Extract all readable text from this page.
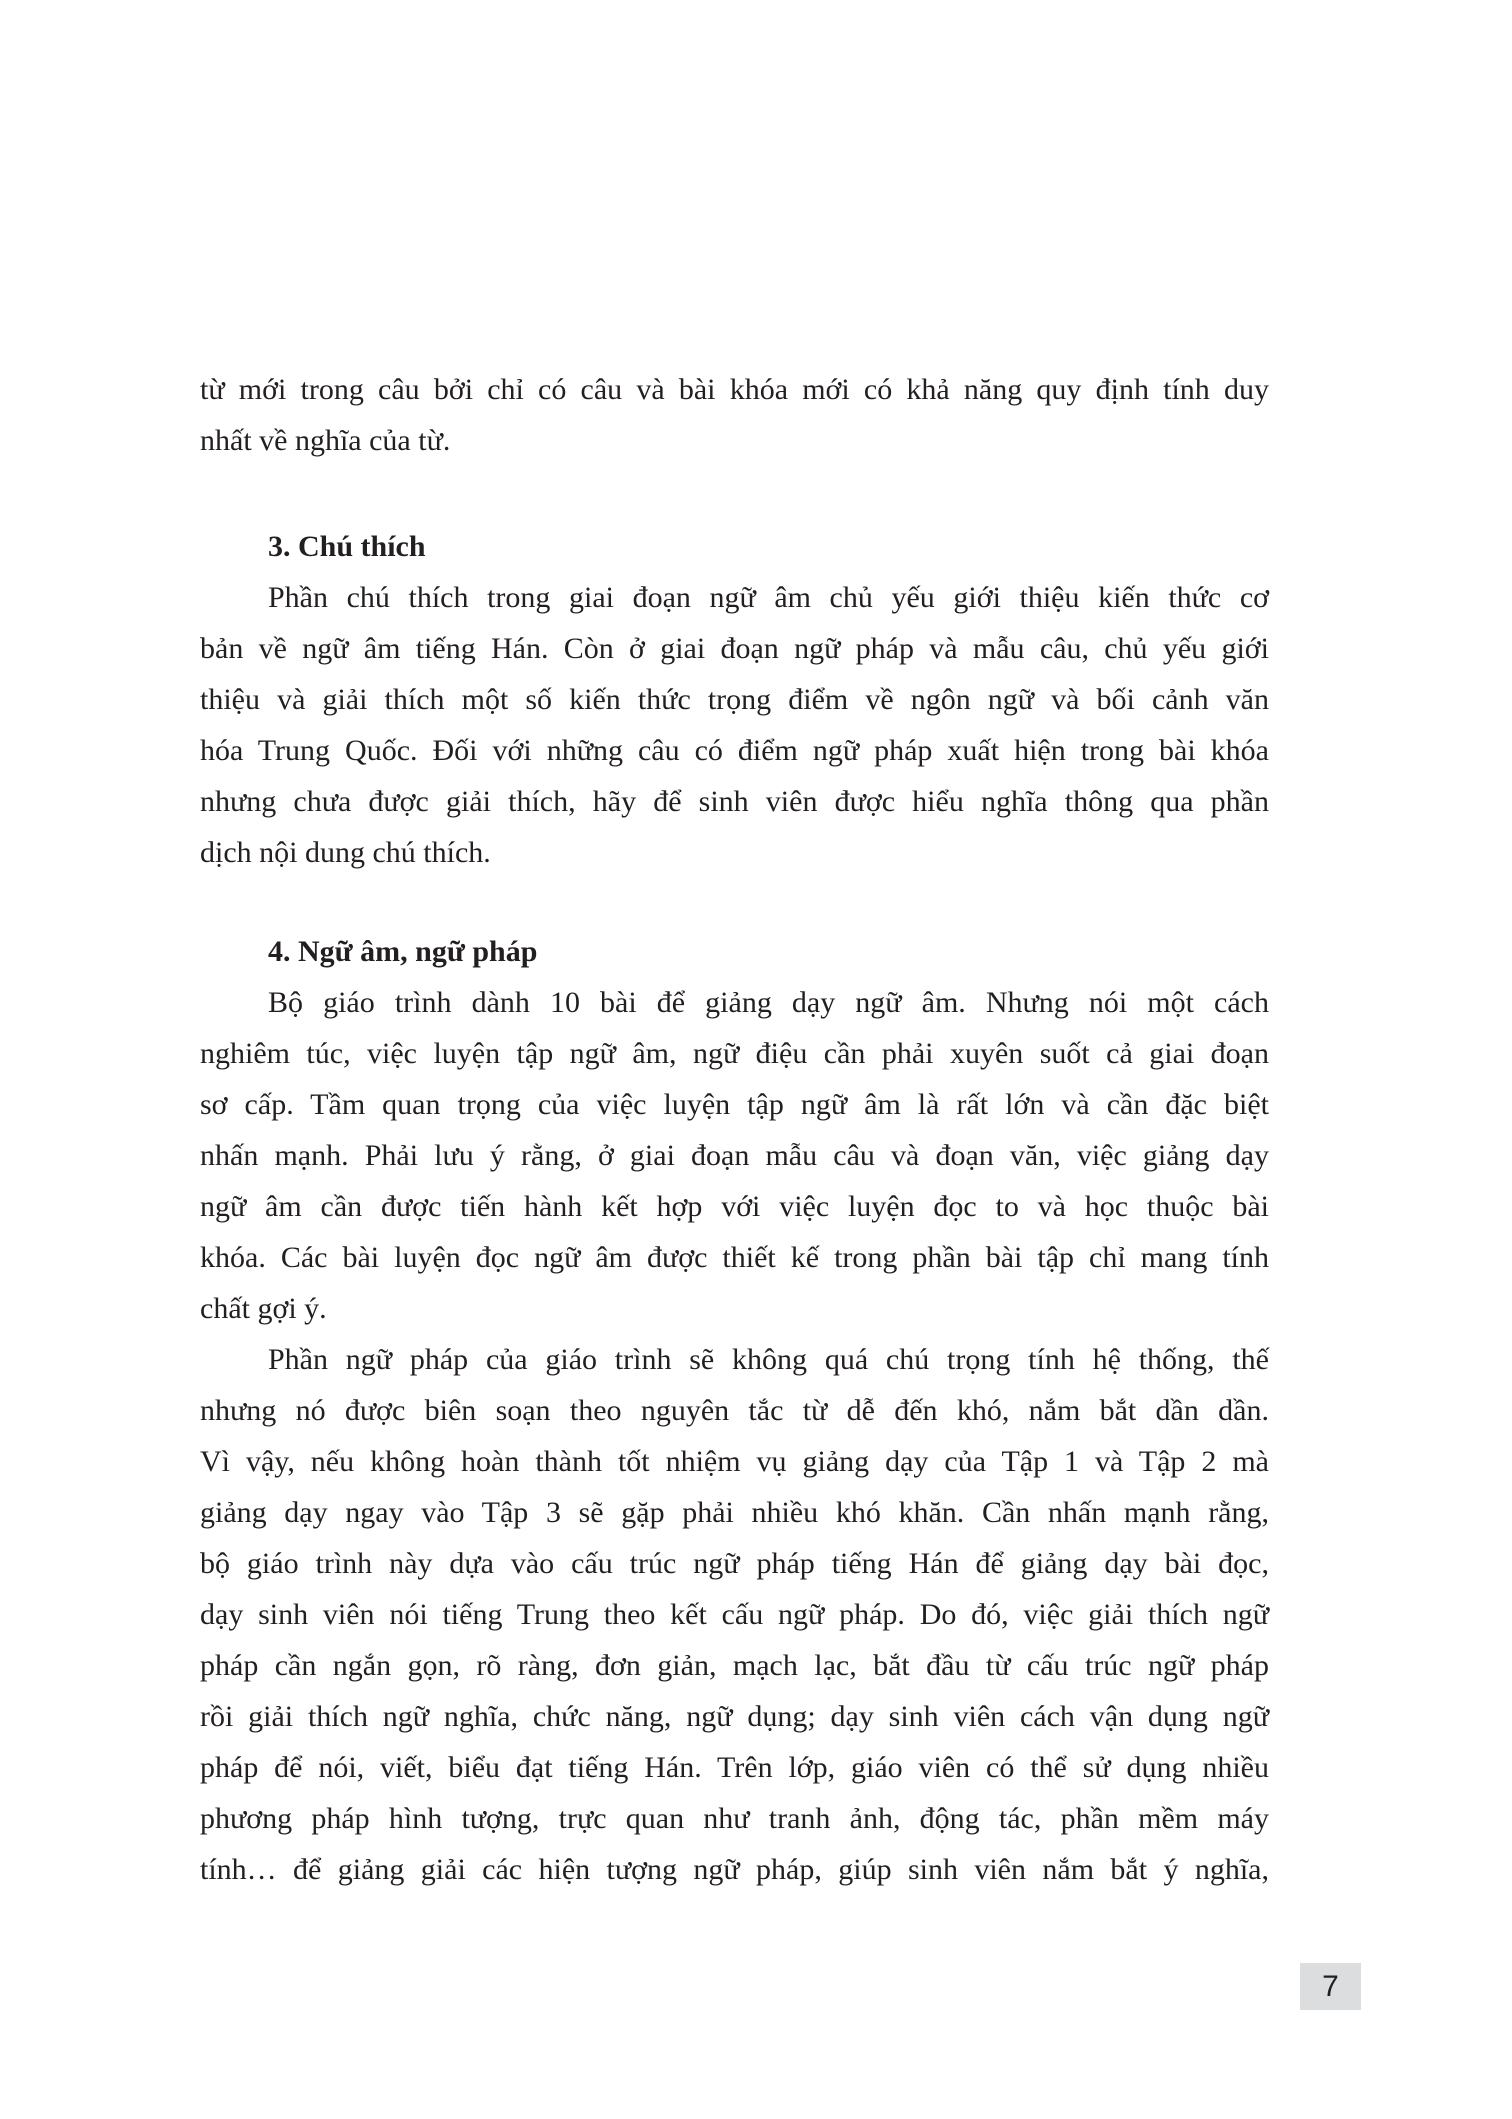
từ mới trong câu bởi chỉ có câu và bài khóa mới có khả năng quy định tính duy
nhất về nghĩa của từ.
3. Chú thích
Phần chú thích trong giai đoạn ngữ âm chủ yếu giới thiệu kiến thức cơ
bản về ngữ âm tiếng Hán. Còn ở giai đoạn ngữ pháp và mẫu câu, chủ yếu giới
thiệu và giải thích một số kiến thức trọng điểm về ngôn ngữ và bối cảnh văn
hóa Trung Quốc. Đối với những câu có điểm ngữ pháp xuất hiện trong bài khóa
nhưng chưa được giải thích, hãy để sinh viên được hiểu nghĩa thông qua phần
dịch nội dung chú thích.
4. Ngữ âm, ngữ pháp
Bộ giáo trình dành 10 bài để giảng dạy ngữ âm. Nhưng nói một cách
nghiêm túc, việc luyện tập ngữ âm, ngữ điệu cần phải xuyên suốt cả giai đoạn
sơ cấp. Tầm quan trọng của việc luyện tập ngữ âm là rất lớn và cần đặc biệt
nhấn mạnh. Phải lưu ý rằng, ở giai đoạn mẫu câu và đoạn văn, việc giảng dạy
ngữ âm cần được tiến hành kết hợp với việc luyện đọc to và học thuộc bài
khóa. Các bài luyện đọc ngữ âm được thiết kế trong phần bài tập chỉ mang tính
chất gợi ý.
Phần ngữ pháp của giáo trình sẽ không quá chú trọng tính hệ thống, thế
nhưng nó được biên soạn theo nguyên tắc từ dễ đến khó, nắm bắt dần dần.
Vì vậy, nếu không hoàn thành tốt nhiệm vụ giảng dạy của Tập 1 và Tập 2 mà
giảng dạy ngay vào Tập 3 sẽ gặp phải nhiều khó khăn. Cần nhấn mạnh rằng,
bộ giáo trình này dựa vào cấu trúc ngữ pháp tiếng Hán để giảng dạy bài đọc,
dạy sinh viên nói tiếng Trung theo kết cấu ngữ pháp. Do đó, việc giải thích ngữ
pháp cần ngắn gọn, rõ ràng, đơn giản, mạch lạc, bắt đầu từ cấu trúc ngữ pháp
rồi giải thích ngữ nghĩa, chức năng, ngữ dụng; dạy sinh viên cách vận dụng ngữ
pháp để nói, viết, biểu đạt tiếng Hán. Trên lớp, giáo viên có thể sử dụng nhiều
phương pháp hình tượng, trực quan như tranh ảnh, động tác, phần mềm máy
tính… để giảng giải các hiện tượng ngữ pháp, giúp sinh viên nắm bắt ý nghĩa,
7
